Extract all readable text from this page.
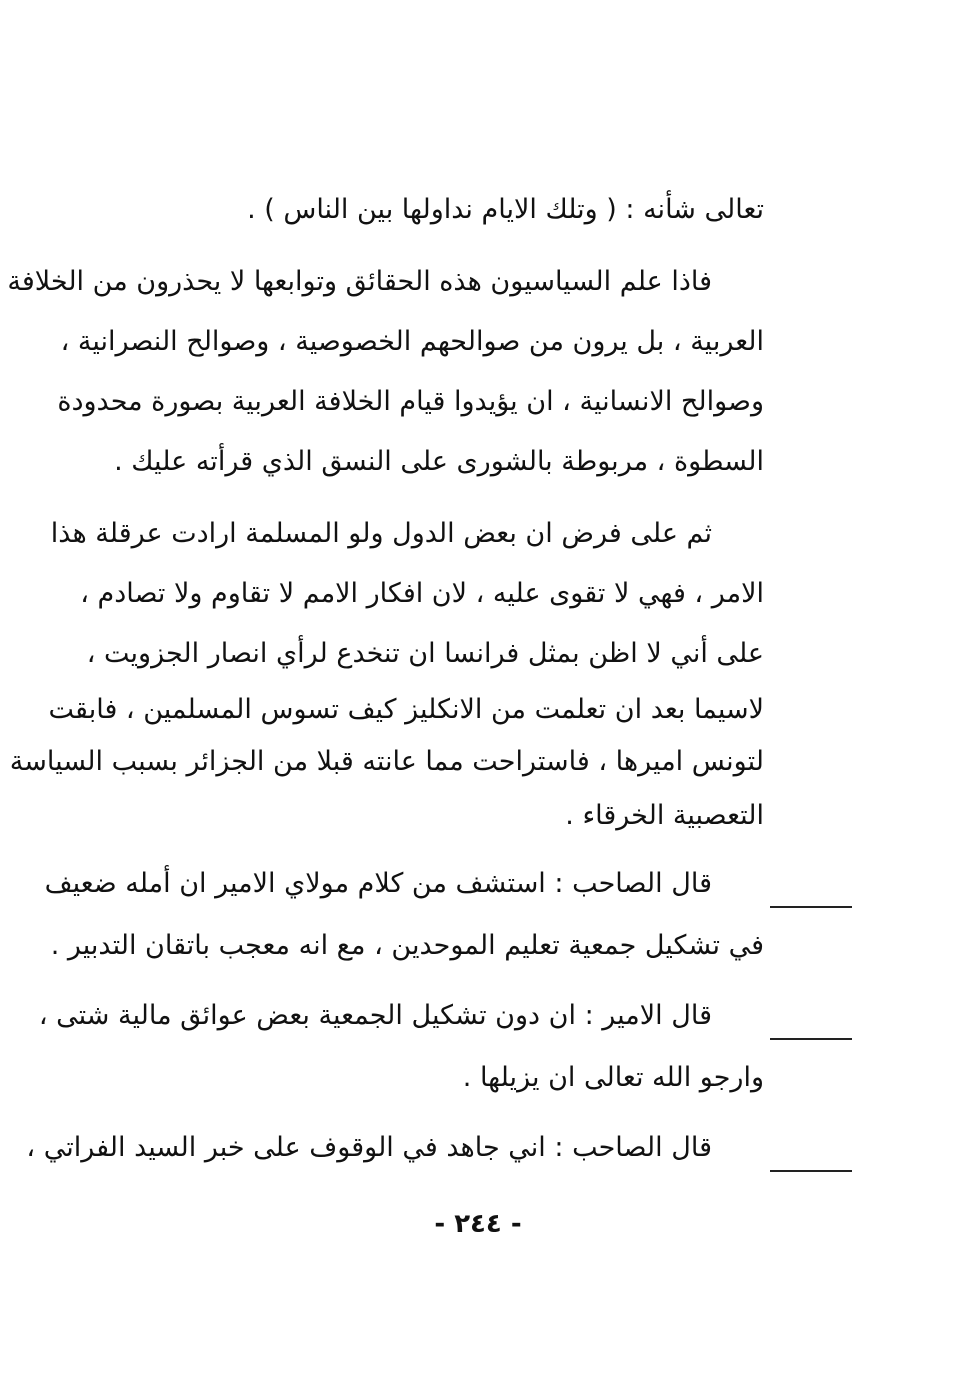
تعالى شأنه : ( وتلك الايام نداولها بين الناس ) .
فاذا علم السياسيون هذه الحقائق وتوابعها لا يحذرون من الخلافة
العربية ، بل يرون من صوالحهم الخصوصية ، وصوالح النصرانية ،
وصوالح الانسانية ، ان يؤيدوا قيام الخلافة العربية بصورة محدودة
السطوة ، مربوطة بالشورى على النسق الذي قرأته عليك .
ثم على فرض ان بعض الدول ولو المسلمة ارادت عرقلة هذا
الامر ، فهي لا تقوى عليه ، لان افكار الامم لا تقاوم ولا تصادم ،
على أني لا اظن بمثل فرانسا ان تنخدع لرأي انصار الجزويت ،
لاسيما بعد ان تعلمت من الانكليز كيف تسوس المسلمين ، فابقت
لتونس اميرها ، فاستراحت مما عانته قبلا من الجزائر بسبب السياسة
التعصبية الخرقاء .
قال الصاحب : استشف من كلام مولاي الامير ان أمله ضعيف
في تشكيل جمعية تعليم الموحدين ، مع انه معجب باتقان التدبير .
قال الامير : ان دون تشكيل الجمعية بعض عوائق مالية شتى ،
وارجو الله تعالى ان يزيلها .
قال الصاحب : اني جاهد في الوقوف على خبر السيد الفراتي ،
- ٢٤٤ -
